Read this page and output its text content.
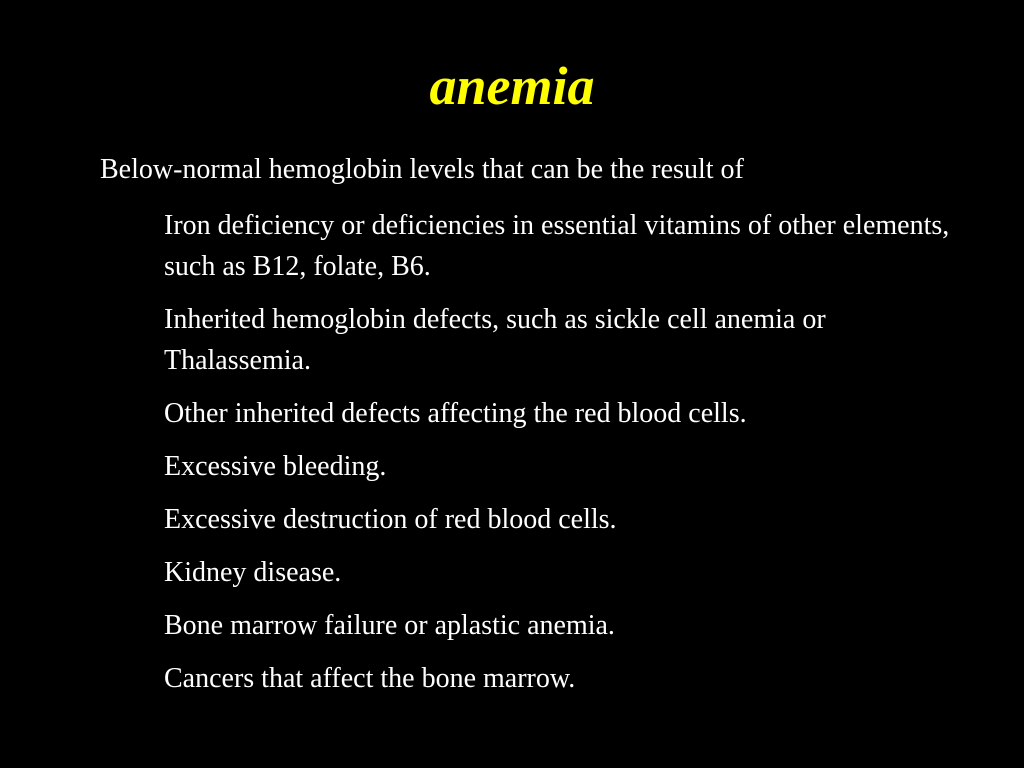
anemia
Below-normal hemoglobin levels that can be the result of
Iron deficiency or deficiencies in essential vitamins of other elements, such as B12, folate, B6.
Inherited hemoglobin defects, such as sickle cell anemia or Thalassemia.
Other inherited defects affecting the red blood cells.
Excessive bleeding.
Excessive destruction of red blood cells.
Kidney disease.
Bone marrow failure or aplastic anemia.
Cancers that affect the bone marrow.
